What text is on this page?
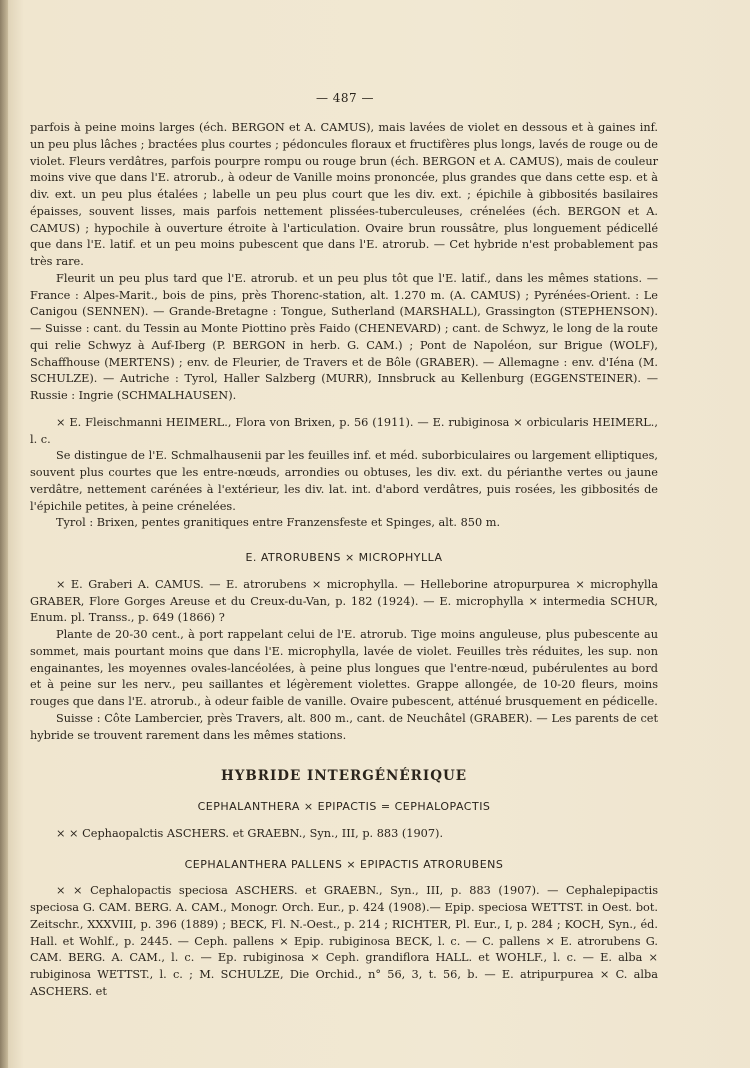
— 487 —

parfois à peine moins larges (éch. BERGON et A. CAMUS), mais lavées de violet en dessous et à gaines inf. un peu plus lâches ; bractées plus courtes ; pédoncules floraux et fructifères plus longs, lavés de rouge ou de violet. Fleurs verdâtres, parfois pourpre rompu ou rouge brun (éch. BERGON et A. CAMUS), mais de couleur moins vive que dans l'E. atrorub., à odeur de Vanille moins prononcée, plus grandes que dans cette esp. et à div. ext. un peu plus étalées ; labelle un peu plus court que les div. ext. ; épichile à gibbosités basilaires épaisses, souvent lisses, mais parfois nettement plissées-tuberculeuses, crénelées (éch. BERGON et A. CAMUS) ; hypochile à ouverture étroite à l'articulation. Ovaire brun roussâtre, plus longuement pédicellé que dans l'E. latif. et un peu moins pubescent que dans l'E. atrorub. — Cet hybride n'est probablement pas très rare.

Fleurit un peu plus tard que l'E. atrorub. et un peu plus tôt que l'E. latif., dans les mêmes stations. — France : Alpes-Marit., bois de pins, près Thorenc-station, alt. 1.270 m. (A. CAMUS) ; Pyrénées-Orient. : Le Canigou (SENNEN). — Grande-Bretagne : Tongue, Sutherland (MARSHALL), Grassington (STEPHENSON). — Suisse : cant. du Tessin au Monte Piottino près Faido (CHENEVARD) ; cant. de Schwyz, le long de la route qui relie Schwyz à Auf-Iberg (P. BERGON in herb. G. CAM.) ; Pont de Napoléon, sur Brigue (WOLF), Schaffhouse (MERTENS) ; env. de Fleurier, de Travers et de Bôle (GRABER). — Allemagne : env. d'Iéna (M. SCHULZE). — Autriche : Tyrol, Haller Salzberg (MURR), Innsbruck au Kellenburg (EGGENSTEINER). — Russie : Ingrie (SCHMALHAUSEN).

× E. Fleischmanni HEIMERL., Flora von Brixen, p. 56 (1911). — E. rubiginosa × orbicularis HEIMERL., l. c.

Se distingue de l'E. Schmalhausenii par les feuilles inf. et méd. suborbiculaires ou largement elliptiques, souvent plus courtes que les entre-nœuds, arrondies ou obtuses, les div. ext. du périanthe vertes ou jaune verdâtre, nettement carénées à l'extérieur, les div. lat. int. d'abord verdâtres, puis rosées, les gibbosités de l'épichile petites, à peine crénelées.

Tyrol : Brixen, pentes granitiques entre Franzensfeste et Spinges, alt. 850 m.

E. ATRORUBENS × MICROPHYLLA

× E. Graberi A. CAMUS. — E. atrorubens × microphylla. — Helleborine atropurpurea × microphylla GRABER, Flore Gorges Areuse et du Creux-du-Van, p. 182 (1924). — E. microphylla × intermedia SCHUR, Enum. pl. Transs., p. 649 (1866) ?

Plante de 20-30 cent., à port rappelant celui de l'E. atrorub. Tige moins anguleuse, plus pubescente au sommet, mais pourtant moins que dans l'E. microphylla, lavée de violet. Feuilles très réduites, les sup. non engainantes, les moyennes ovales-lancéolées, à peine plus longues que l'entre-nœud, pubérulentes au bord et à peine sur les nerv., peu saillantes et légèrement violettes. Grappe allongée, de 10-20 fleurs, moins rouges que dans l'E. atrorub., à odeur faible de vanille. Ovaire pubescent, atténué brusquement en pédicelle.

Suisse : Côte Lambercier, près Travers, alt. 800 m., cant. de Neuchâtel (GRABER). — Les parents de cet hybride se trouvent rarement dans les mêmes stations.

HYBRIDE INTERGÉNÉRIQUE

CEPHALANTHERA × EPIPACTIS = CEPHALOPACTIS

× × Cephaopalctis ASCHERS. et GRAEBN., Syn., III, p. 883 (1907).

CEPHALANTHERA PALLENS × EPIPACTIS ATRORUBENS

× × Cephalopactis speciosa ASCHERS. et GRAEBN., Syn., III, p. 883 (1907). — Cephalepipactis speciosa G. CAM. BERG. A. CAM., Monogr. Orch. Eur., p. 424 (1908).— Epip. speciosa WETTST. in Oest. bot. Zeitschr., XXXVIII, p. 396 (1889) ; BECK, Fl. N.-Oest., p. 214 ; RICHTER, Pl. Eur., I, p. 284 ; KOCH, Syn., éd. Hall. et Wohlf., p. 2445. — Ceph. pallens × Epip. rubiginosa BECK, l. c. — C. pallens × E. atrorubens G. CAM. BERG. A. CAM., l. c. — Ep. rubiginosa × Ceph. grandiflora HALL. et WOHLF., l. c. — E. alba × rubiginosa WETTST., l. c. ; M. SCHULZE, Die Orchid., n° 56, 3, t. 56, b. — E. atripurpurea × C. alba ASCHERS. et
